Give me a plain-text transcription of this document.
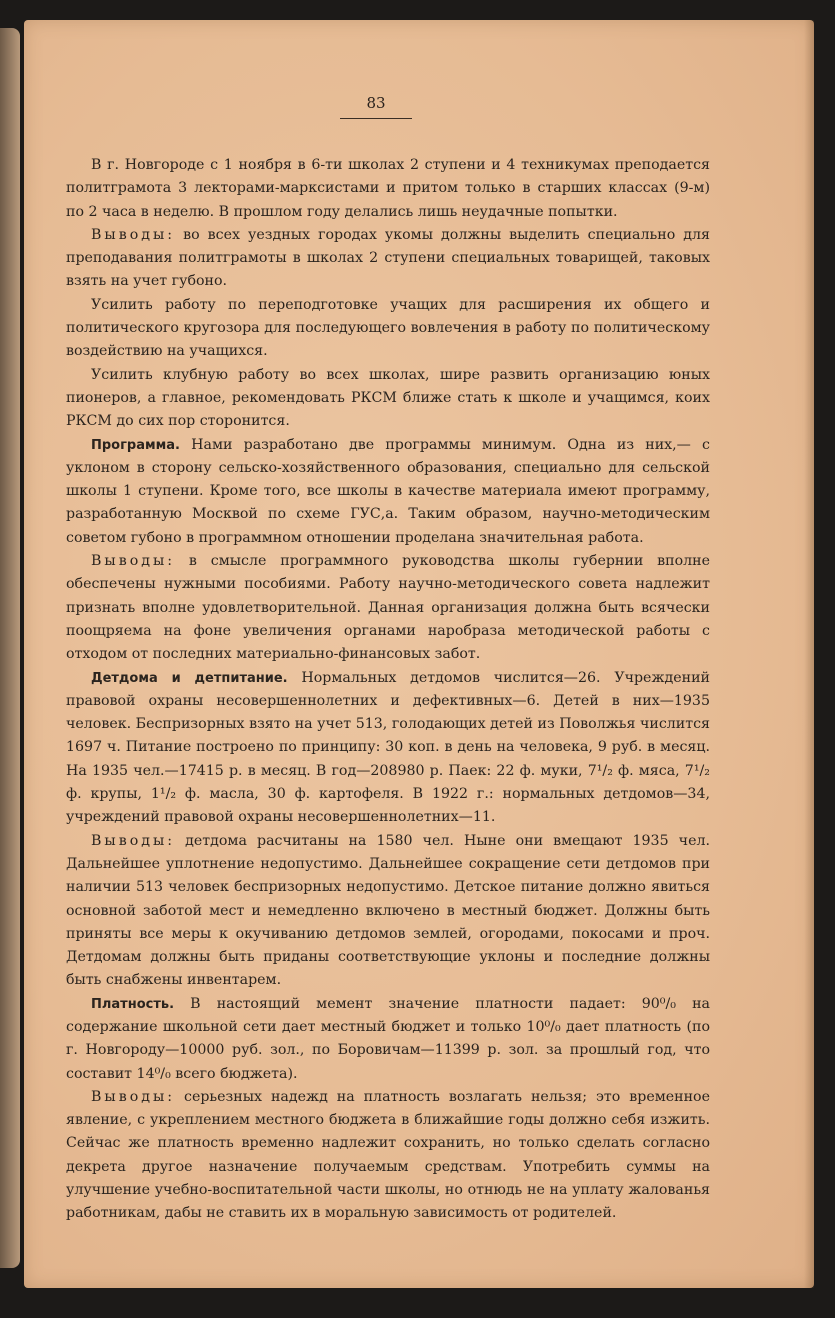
83

В г. Новгороде с 1 ноября в 6-ти школах 2 ступени и 4 техникумах преподается политграмота 3 лекторами-марксистами и притом только в старших классах (9-м) по 2 часа в неделю. В прошлом году делались лишь неудачные попытки.

Выводы: во всех уездных городах укомы должны выделить специально для преподавания политграмоты в школах 2 ступени специальных товарищей, таковых взять на учет губоно.

Усилить работу по переподготовке учащих для расширения их общего и политического кругозора для последующего вовлечения в работу по политическому воздействию на учащихся.

Усилить клубную работу во всех школах, шире развить организацию юных пионеров, а главное, рекомендовать РКСМ ближе стать к школе и учащимся, коих РКСМ до сих пор сторонится.

Программа. Нами разработано две программы минимум. Одна из них,— с уклоном в сторону сельско-хозяйственного образования, специально для сельской школы 1 ступени. Кроме того, все школы в качестве материала имеют программу, разработанную Москвой по схеме ГУС,а. Таким образом, научно-методическим советом губоно в программном отношении проделана значительная работа.

Выводы: в смысле программного руководства школы губернии вполне обеспечены нужными пособиями. Работу научно-методического совета надлежит признать вполне удовлетворительной. Данная организация должна быть всячески поощряема на фоне увеличения органами наробраза методической работы с отходом от последних материально-финансовых забот.

Детдома и детпитание. Нормальных детдомов числится—26. Учреждений правовой охраны несовершеннолетних и дефективных—6. Детей в них—1935 человек. Беспризорных взято на учет 513, голодающих детей из Поволжья числится 1697 ч. Питание построено по принципу: 30 коп. в день на человека, 9 руб. в месяц. На 1935 чел.—17415 р. в месяц. В год—208980 р. Паек: 22 ф. муки, 7¹/₂ ф. мяса, 7¹/₂ ф. крупы, 1¹/₂ ф. масла, 30 ф. картофеля. В 1922 г.: нормальных детдомов—34, учреждений правовой охраны несовершеннолетних—11.

Выводы: детдома расчитаны на 1580 чел. Ныне они вмещают 1935 чел. Дальнейшее уплотнение недопустимо. Дальнейшее сокращение сети детдомов при наличии 513 человек беспризорных недопустимо. Детское питание должно явиться основной заботой мест и немедленно включено в местный бюджет. Должны быть приняты все меры к окучиванию детдомов землей, огородами, покосами и проч. Детдомам должны быть приданы соответствующие уклоны и последние должны быть снабжены инвентарем.

Платность. В настоящий мемент значение платности падает: 90⁰/₀ на содержание школьной сети дает местный бюджет и только 10⁰/₀ дает платность (по г. Новгороду—10000 руб. зол., по Боровичам—11399 р. зол. за прошлый год, что составит 14⁰/₀ всего бюджета).

Выводы: серьезных надежд на платность возлагать нельзя; это временное явление, с укреплением местного бюджета в ближайшие годы должно себя изжить. Сейчас же платность временно надлежит сохранить, но только сделать согласно декрета другое назначение получаемым средствам. Употребить суммы на улучшение учебно-воспитательной части школы, но отнюдь не на уплату жалованья работникам, дабы не ставить их в моральную зависимость от родителей.
